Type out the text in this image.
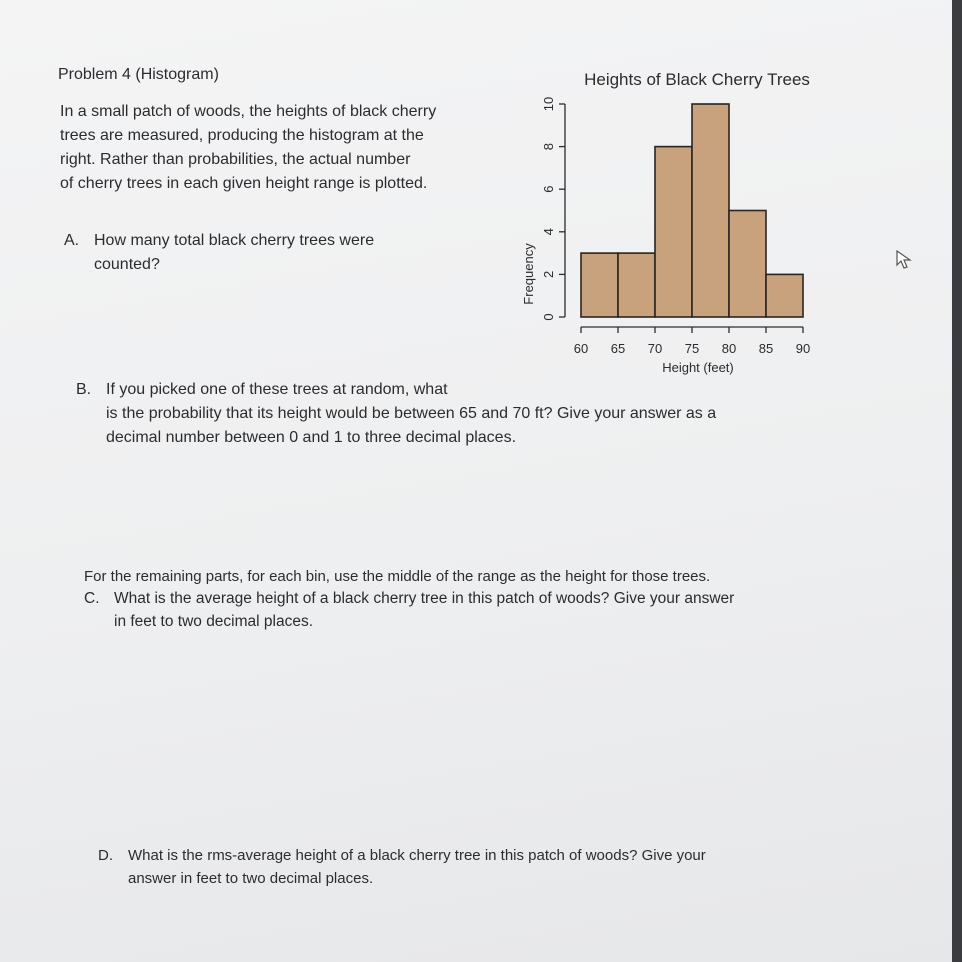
Problem 4 (Histogram)
In a small patch of woods, the heights of black cherry
trees are measured, producing the histogram at the
right. Rather than probabilities, the actual number
of cherry trees in each given height range is plotted.
A. How many total black cherry trees were
counted?
Heights of Black Cherry Trees
0
2
4
6
8
10
60 65 70 75 80 85 90
Frequency
Height (feet)
B. If you picked one of these trees at random, what
is the probability that its height would be between 65 and 70 ft? Give your answer as a
decimal number between 0 and 1 to three decimal places.
For the remaining parts, for each bin, use the middle of the range as the height for those trees.
C. What is the average height of a black cherry tree in this patch of woods? Give your answer
in feet to two decimal places.
D. What is the rms-average height of a black cherry tree in this patch of woods? Give your
answer in feet to two decimal places.
